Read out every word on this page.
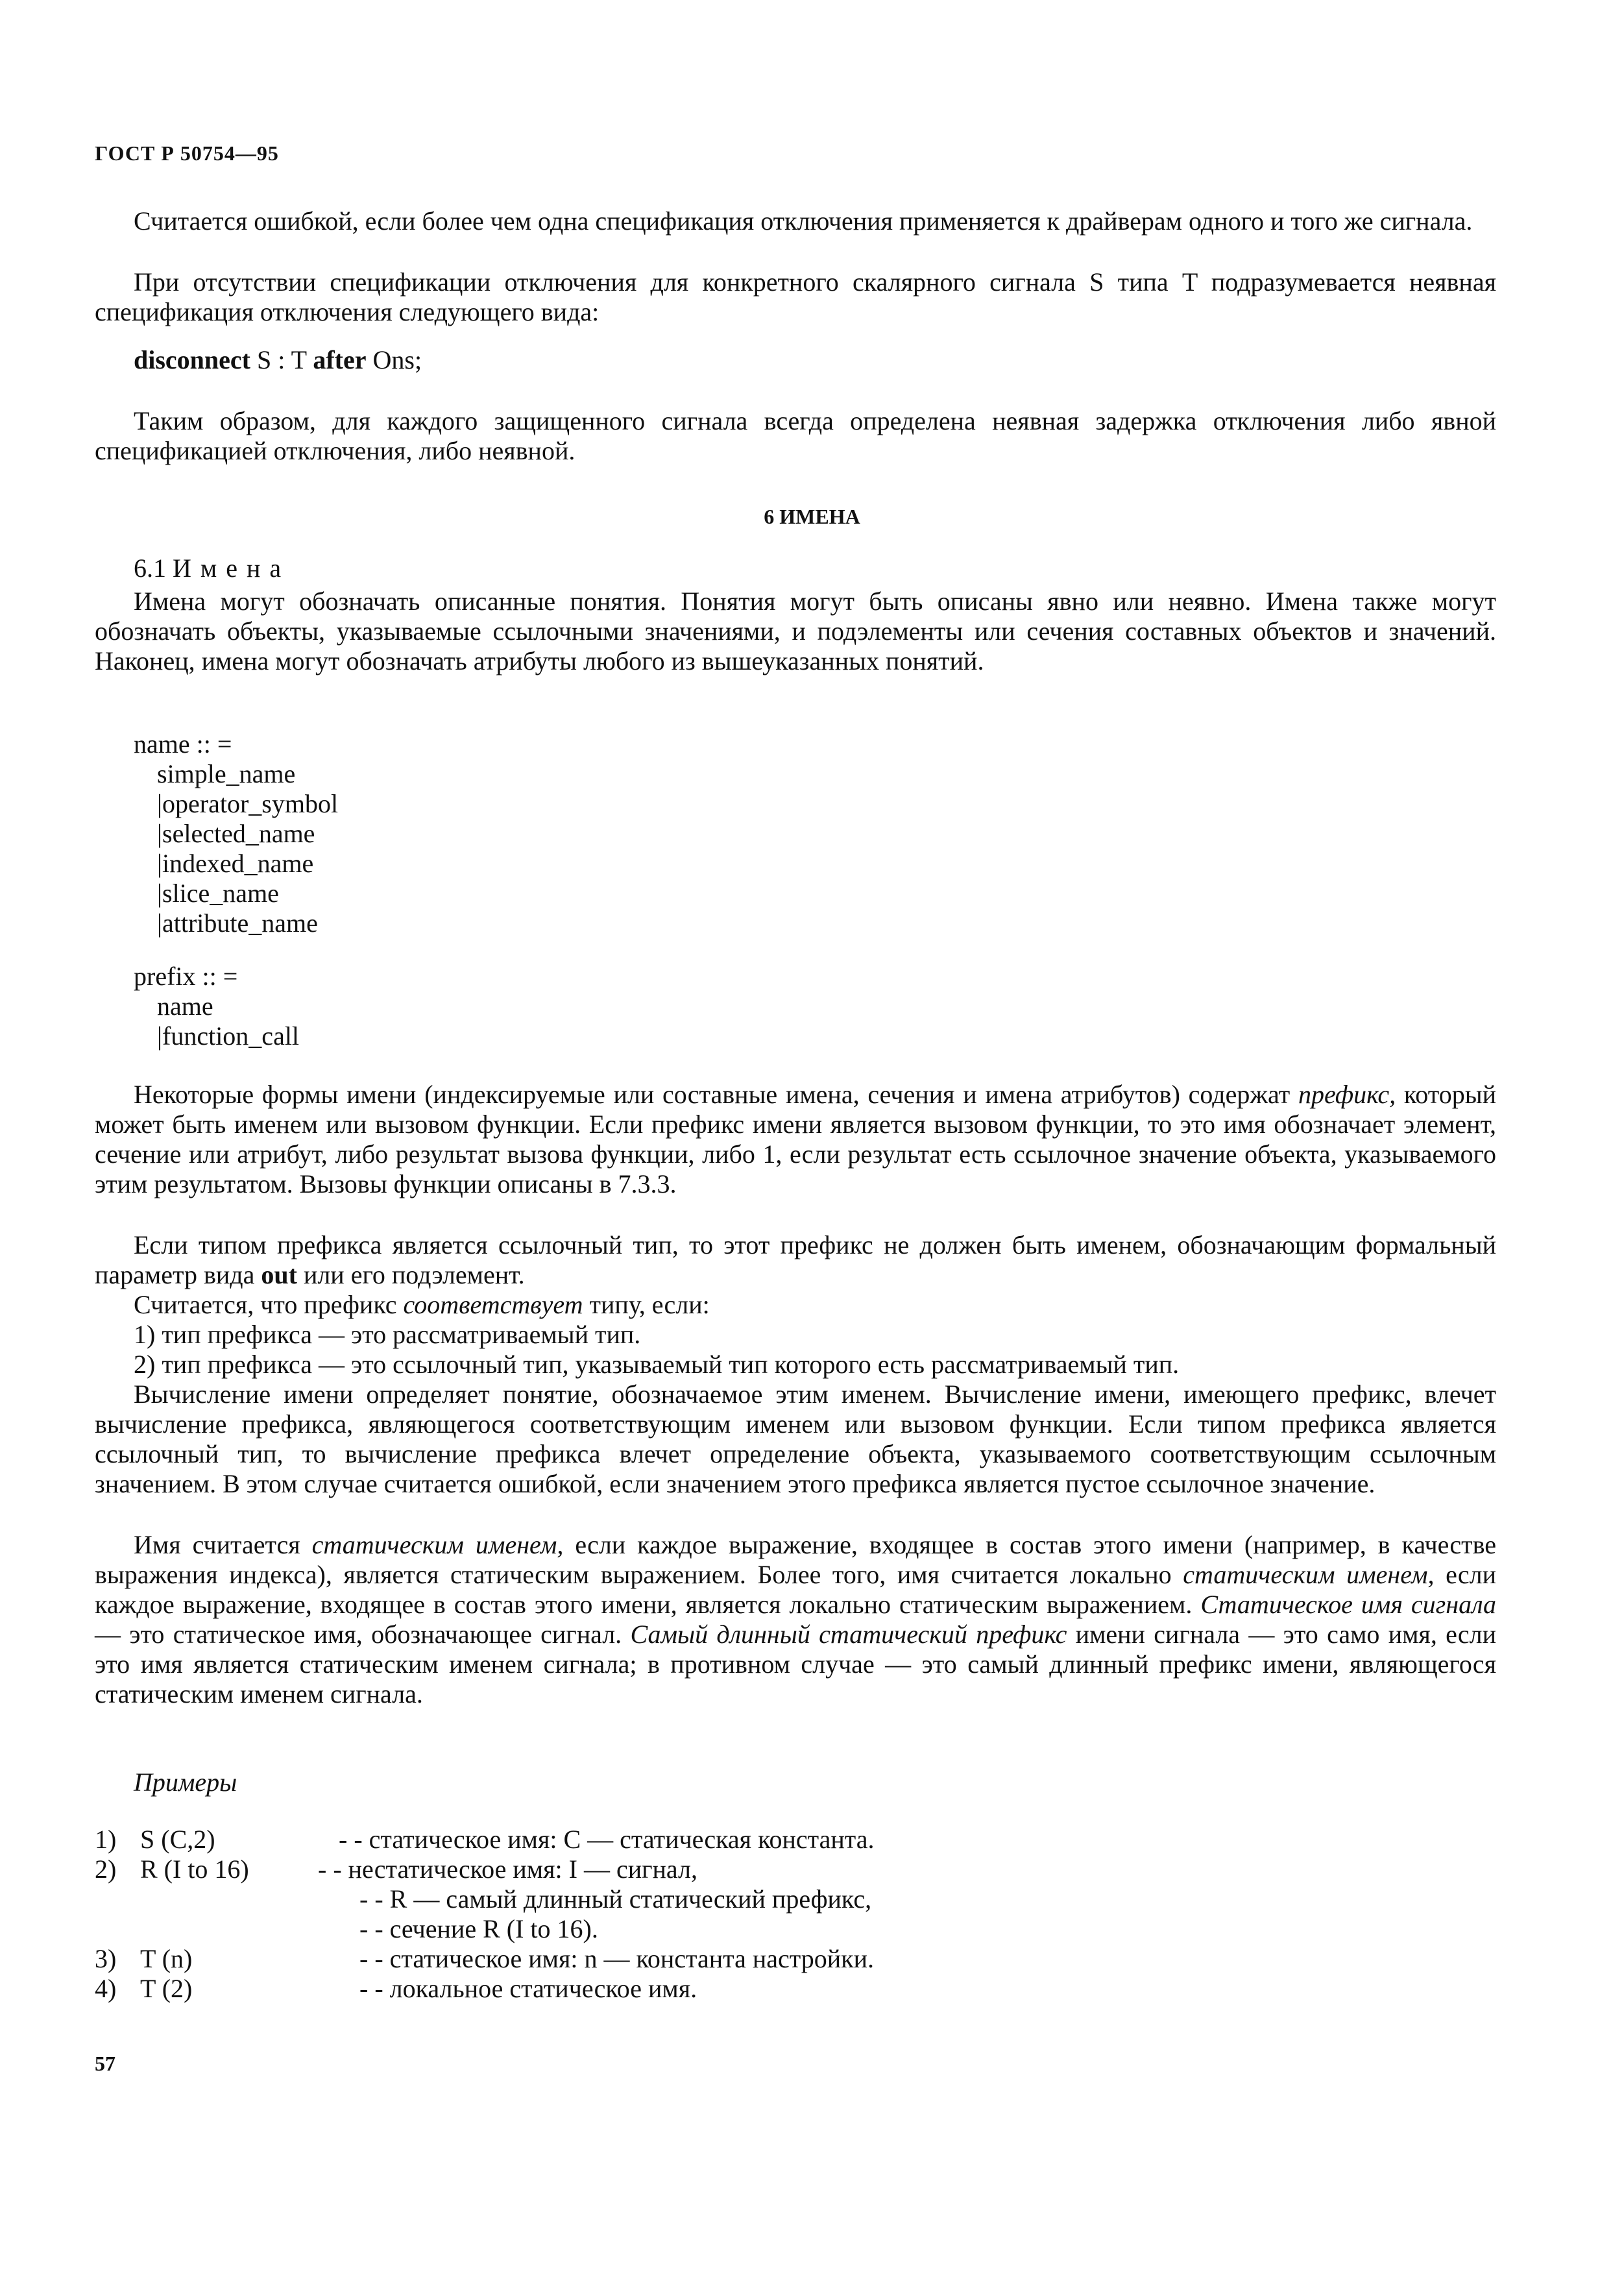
ГОСТ Р 50754—95

Считается ошибкой, если более чем одна спецификация отключения применяется к драйверам одного и того же сигнала.

При отсутствии спецификации отключения для конкретного скалярного сигнала S типа T подразумевается неявная спецификация отключения следующего вида:

disconnect S : T after Ons;

Таким образом, для каждого защищенного сигнала всегда определена неявная задержка отключения либо явной спецификацией отключения, либо неявной.

6 ИМЕНА
6.1 Имена

Имена могут обозначать описанные понятия. Понятия могут быть описаны явно или неявно. Имена также могут обозначать объекты, указываемые ссылочными значениями, и подэлементы или сечения составных объектов и значений. Наконец, имена могут обозначать атрибуты любого из вышеуказанных понятий.

name :: =
simple_name
|operator_symbol
|selected_name
|indexed_name
|slice_name
|attribute_name
prefix :: =
name
|function_call

Некоторые формы имени (индексируемые или составные имена, сечения и имена атрибутов) содержат префикс, который может быть именем или вызовом функции. Если префикс имени является вызовом функции, то это имя обозначает элемент, сечение или атрибут, либо результат вызова функции, либо 1, если результат есть ссылочное значение объекта, указываемого этим результатом. Вызовы функции описаны в 7.3.3.

Если типом префикса является ссылочный тип, то этот префикс не должен быть именем, обозначающим формальный параметр вида out или его подэлемент.

Считается, что префикс соответствует типу, если:

1) тип префикса — это рассматриваемый тип.

2) тип префикса — это ссылочный тип, указываемый тип которого есть рассматриваемый тип.

Вычисление имени определяет понятие, обозначаемое этим именем. Вычисление имени, имеющего префикс, влечет вычисление префикса, являющегося соответствующим именем или вызовом функции. Если типом префикса является ссылочный тип, то вычисление префикса влечет определение объекта, указываемого соответствующим ссылочным значением. В этом случае считается ошибкой, если значением этого префикса является пустое ссылочное значение.

Имя считается статическим именем, если каждое выражение, входящее в состав этого имени (например, в качестве выражения индекса), является статическим выражением. Более того, имя считается локально статическим именем, если каждое выражение, входящее в состав этого имени, является локально статическим выражением. Статическое имя сигнала — это статическое имя, обозначающее сигнал. Самый длинный статический префикс имени сигнала — это само имя, если это имя является статическим именем сигнала; в противном случае — это самый длинный префикс имени, являющегося статическим именем сигнала.

Примеры
1) S (C,2)	- - статическое имя: C — статическая константа.
2) R (I to 16)	- - нестатическое имя: I — сигнал,
- - R — самый длинный статический префикс,
- - сечение R (I to 16).
3) T (n)	- - статическое имя: n — константа настройки.
4) T (2)	- - локальное статическое имя.
57
